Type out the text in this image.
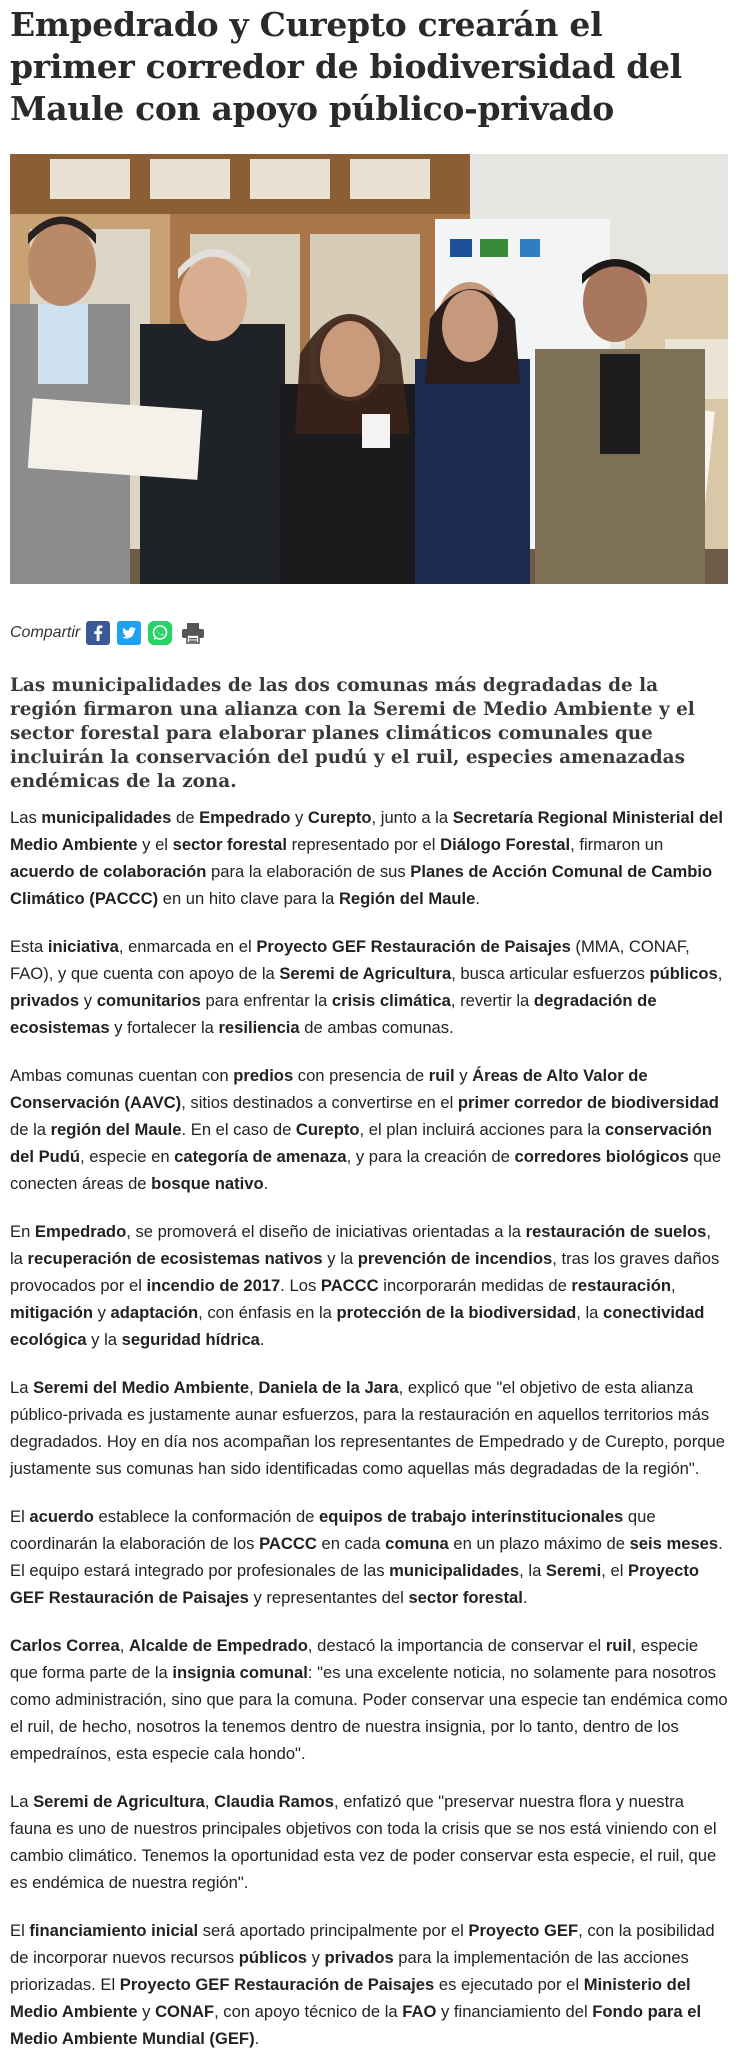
Empedrado y Curepto crearán el primer corredor de biodiversidad del Maule con apoyo público-privado
Compartir

Las municipalidades de las dos comunas más degradadas de la región firmaron una alianza con la Seremi de Medio Ambiente y el sector forestal para elaborar planes climáticos comunales que incluirán la conservación del pudú y el ruil, especies amenazadas endémicas de la zona.

Las municipalidades de Empedrado y Curepto, junto a la Secretaría Regional Ministerial del Medio Ambiente y el sector forestal representado por el Diálogo Forestal, firmaron un acuerdo de colaboración para la elaboración de sus Planes de Acción Comunal de Cambio Climático (PACCC) en un hito clave para la Región del Maule.

Esta iniciativa, enmarcada en el Proyecto GEF Restauración de Paisajes (MMA, CONAF, FAO), y que cuenta con apoyo de la Seremi de Agricultura, busca articular esfuerzos públicos, privados y comunitarios para enfrentar la crisis climática, revertir la degradación de ecosistemas y fortalecer la resiliencia de ambas comunas.

Ambas comunas cuentan con predios con presencia de ruil y Áreas de Alto Valor de Conservación (AAVC), sitios destinados a convertirse en el primer corredor de biodiversidad de la región del Maule. En el caso de Curepto, el plan incluirá acciones para la conservación del Pudú, especie en categoría de amenaza, y para la creación de corredores biológicos que conecten áreas de bosque nativo.

En Empedrado, se promoverá el diseño de iniciativas orientadas a la restauración de suelos, la recuperación de ecosistemas nativos y la prevención de incendios, tras los graves daños provocados por el incendio de 2017. Los PACCC incorporarán medidas de restauración, mitigación y adaptación, con énfasis en la protección de la biodiversidad, la conectividad ecológica y la seguridad hídrica.

La Seremi del Medio Ambiente, Daniela de la Jara, explicó que "el objetivo de esta alianza público-privada es justamente aunar esfuerzos, para la restauración en aquellos territorios más degradados. Hoy en día nos acompañan los representantes de Empedrado y de Curepto, porque justamente sus comunas han sido identificadas como aquellas más degradadas de la región".

El acuerdo establece la conformación de equipos de trabajo interinstitucionales que coordinarán la elaboración de los PACCC en cada comuna en un plazo máximo de seis meses. El equipo estará integrado por profesionales de las municipalidades, la Seremi, el Proyecto GEF Restauración de Paisajes y representantes del sector forestal.

Carlos Correa, Alcalde de Empedrado, destacó la importancia de conservar el ruil, especie que forma parte de la insignia comunal: "es una excelente noticia, no solamente para nosotros como administración, sino que para la comuna. Poder conservar una especie tan endémica como el ruil, de hecho, nosotros la tenemos dentro de nuestra insignia, por lo tanto, dentro de los empedraínos, esta especie cala hondo".

La Seremi de Agricultura, Claudia Ramos, enfatizó que "preservar nuestra flora y nuestra fauna es uno de nuestros principales objetivos con toda la crisis que se nos está viniendo con el cambio climático. Tenemos la oportunidad esta vez de poder conservar esta especie, el ruil, que es endémica de nuestra región".

El financiamiento inicial será aportado principalmente por el Proyecto GEF, con la posibilidad de incorporar nuevos recursos públicos y privados para la implementación de las acciones priorizadas. El Proyecto GEF Restauración de Paisajes es ejecutado por el Ministerio del Medio Ambiente y CONAF, con apoyo técnico de la FAO y financiamiento del Fondo para el Medio Ambiente Mundial (GEF).
